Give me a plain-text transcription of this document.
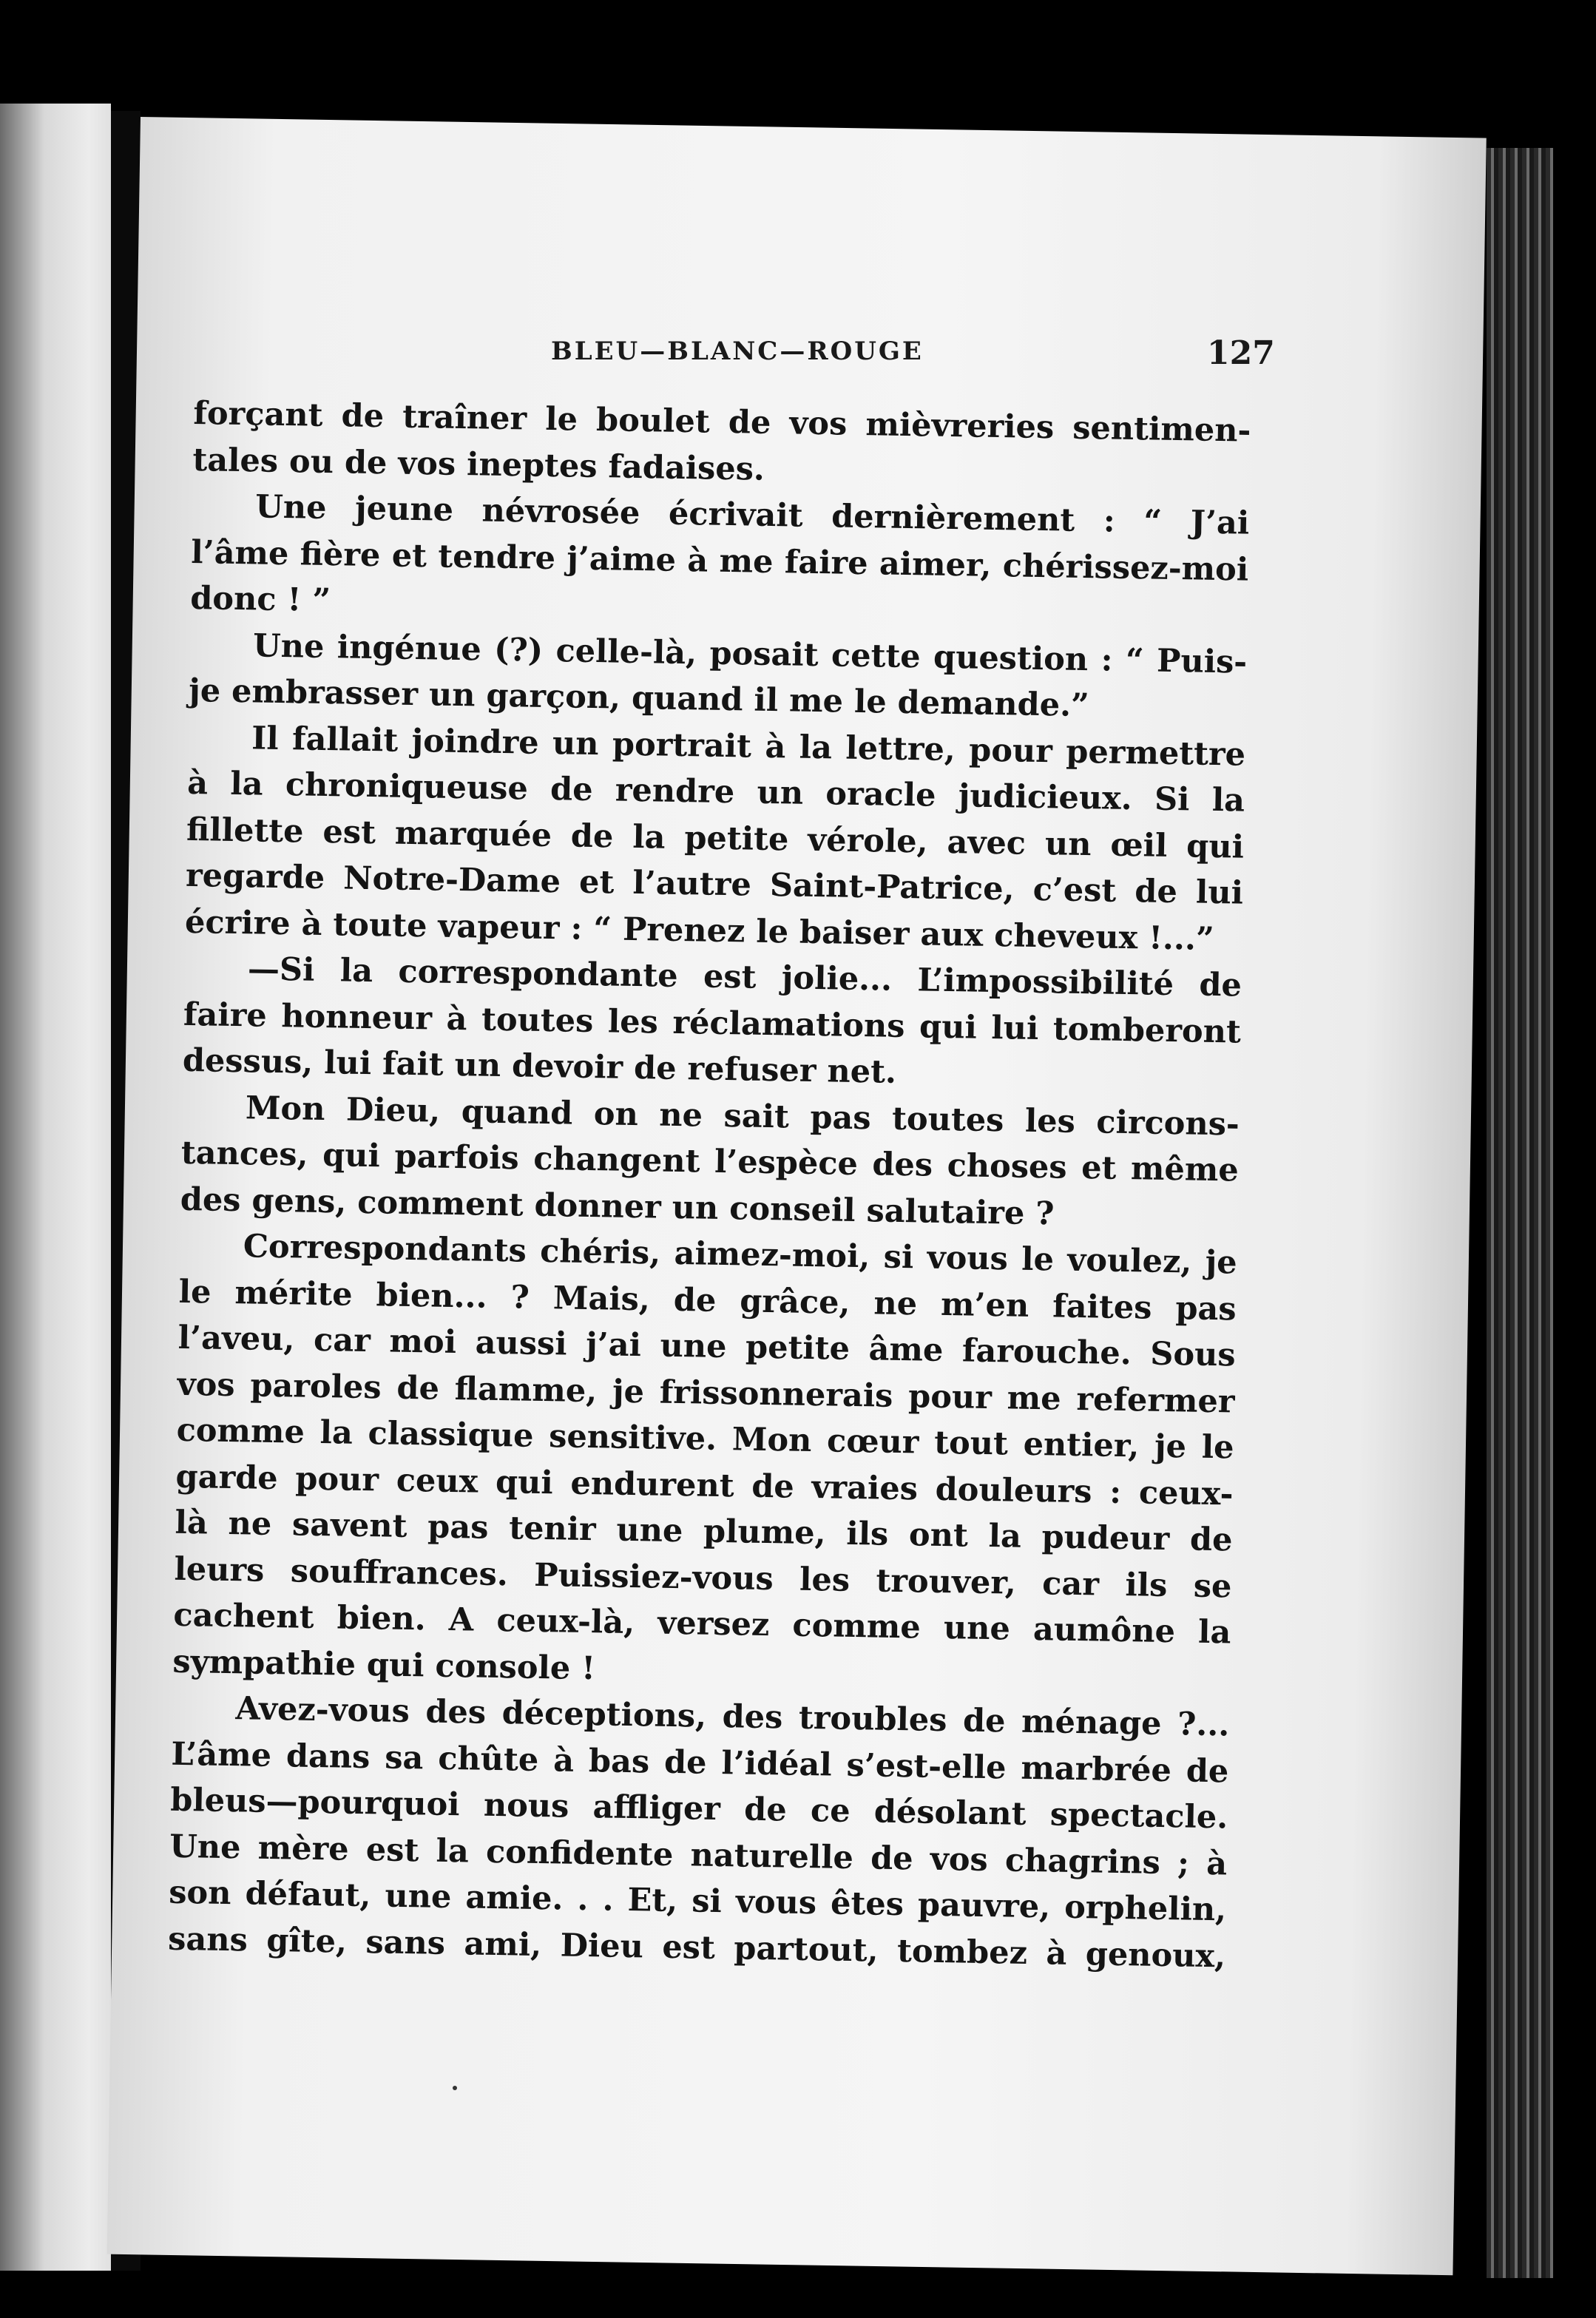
BLEU—BLANC—ROUGE	127
forçant de traîner le boulet de vos mièvreries sentimen-
tales ou de vos ineptes fadaises.
Une jeune névrosée écrivait dernièrement : “ J’ai
l’âme fière et tendre j’aime à me faire aimer, chérissez-moi
donc ! ”
Une ingénue (?) celle-là, posait cette question : “ Puis-
je embrasser un garçon, quand il me le demande.”
Il fallait joindre un portrait à la lettre, pour permettre
à la chroniqueuse de rendre un oracle judicieux. Si la
fillette est marquée de la petite vérole, avec un œil qui
regarde Notre-Dame et l’autre Saint-Patrice, c’est de lui
écrire à toute vapeur : “ Prenez le baiser aux cheveux !...”
—Si la correspondante est jolie... L’impossibilité de
faire honneur à toutes les réclamations qui lui tomberont
dessus, lui fait un devoir de refuser net.
Mon Dieu, quand on ne sait pas toutes les circons-
tances, qui parfois changent l’espèce des choses et même
des gens, comment donner un conseil salutaire ?
Correspondants chéris, aimez-moi, si vous le voulez, je
le mérite bien... ? Mais, de grâce, ne m’en faites pas
l’aveu, car moi aussi j’ai une petite âme farouche. Sous
vos paroles de flamme, je frissonnerais pour me refermer
comme la classique sensitive. Mon cœur tout entier, je le
garde pour ceux qui endurent de vraies douleurs : ceux-
là ne savent pas tenir une plume, ils ont la pudeur de
leurs souffrances. Puissiez-vous les trouver, car ils se
cachent bien. A ceux-là, versez comme une aumône la
sympathie qui console !
Avez-vous des déceptions, des troubles de ménage ?...
L’âme dans sa chûte à bas de l’idéal s’est-elle marbrée de
bleus—pourquoi nous affliger de ce désolant spectacle.
Une mère est la confidente naturelle de vos chagrins ; à
son défaut, une amie. . . Et, si vous êtes pauvre, orphelin,
sans gîte, sans ami, Dieu est partout, tombez à genoux,
